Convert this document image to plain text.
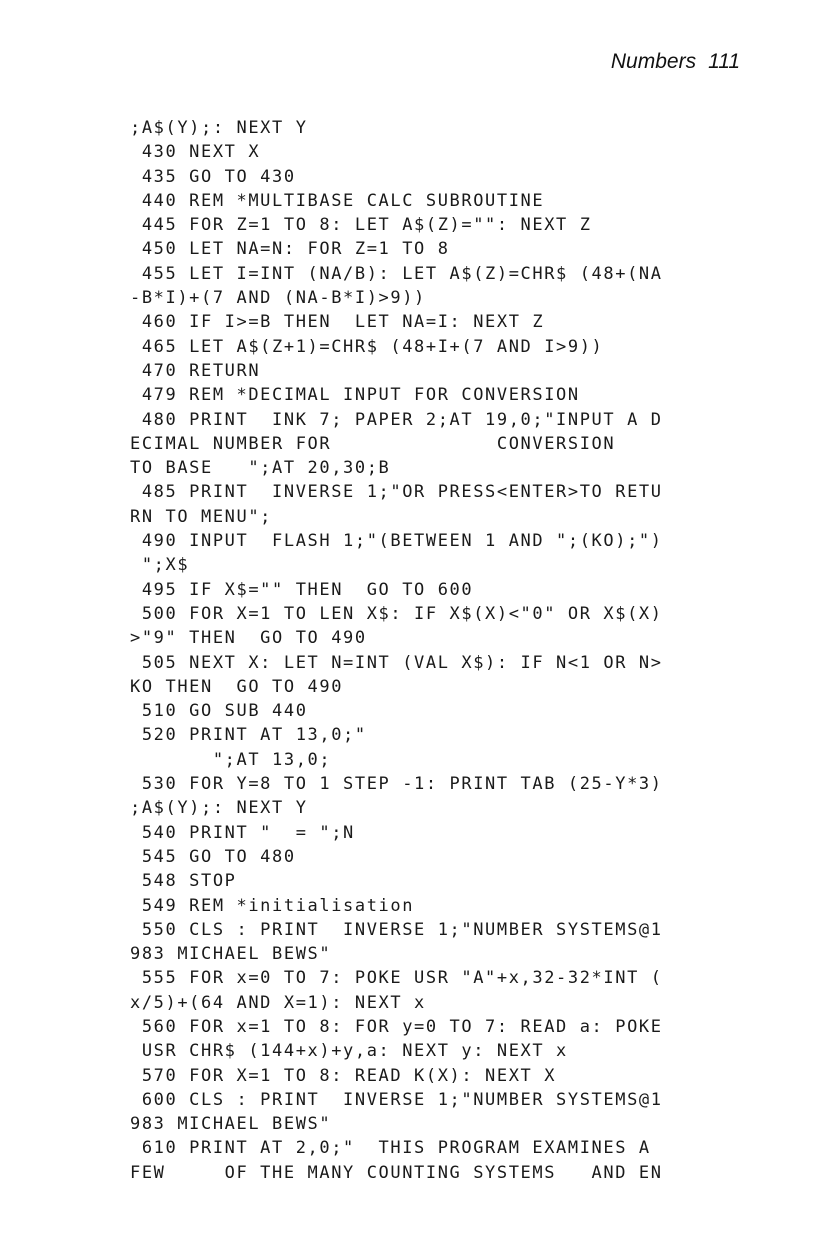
Numbers 111
;A$(Y);: NEXT Y
430 NEXT X
435 GO TO 430
440 REM *MULTIBASE CALC SUBROUTINE
445 FOR Z=1 TO 8: LET A$(Z)="": NEXT Z
450 LET NA=N: FOR Z=1 TO 8
455 LET I=INT (NA/B): LET A$(Z)=CHR$ (48+(NA
-B*I)+(7 AND (NA-B*I)>9))
460 IF I>=B THEN  LET NA=I: NEXT Z
465 LET A$(Z+1)=CHR$ (48+I+(7 AND I>9))
470 RETURN
479 REM *DECIMAL INPUT FOR CONVERSION
480 PRINT  INK 7; PAPER 2;AT 19,0;"INPUT A D
ECIMAL NUMBER FOR              CONVERSION
TO BASE   ";AT 20,30;B
485 PRINT  INVERSE 1;"OR PRESS<ENTER>TO RETU
RN TO MENU";
490 INPUT  FLASH 1;"(BETWEEN 1 AND ";(KO);")
";X$
495 IF X$="" THEN  GO TO 600
500 FOR X=1 TO LEN X$: IF X$(X)<"0" OR X$(X)
>"9" THEN  GO TO 490
505 NEXT X: LET N=INT (VAL X$): IF N<1 OR N>
KO THEN  GO TO 490
510 GO SUB 440
520 PRINT AT 13,0;"
";AT 13,0;
530 FOR Y=8 TO 1 STEP -1: PRINT TAB (25-Y*3)
;A$(Y);: NEXT Y
540 PRINT "  = ";N
545 GO TO 480
548 STOP
549 REM *initialisation
550 CLS : PRINT  INVERSE 1;"NUMBER SYSTEMS@1
983 MICHAEL BEWS"
555 FOR x=0 TO 7: POKE USR "A"+x,32-32*INT (
x/5)+(64 AND X=1): NEXT x
560 FOR x=1 TO 8: FOR y=0 TO 7: READ a: POKE
USR CHR$ (144+x)+y,a: NEXT y: NEXT x
570 FOR X=1 TO 8: READ K(X): NEXT X
600 CLS : PRINT  INVERSE 1;"NUMBER SYSTEMS@1
983 MICHAEL BEWS"
610 PRINT AT 2,0;"  THIS PROGRAM EXAMINES A
FEW     OF THE MANY COUNTING SYSTEMS   AND EN
